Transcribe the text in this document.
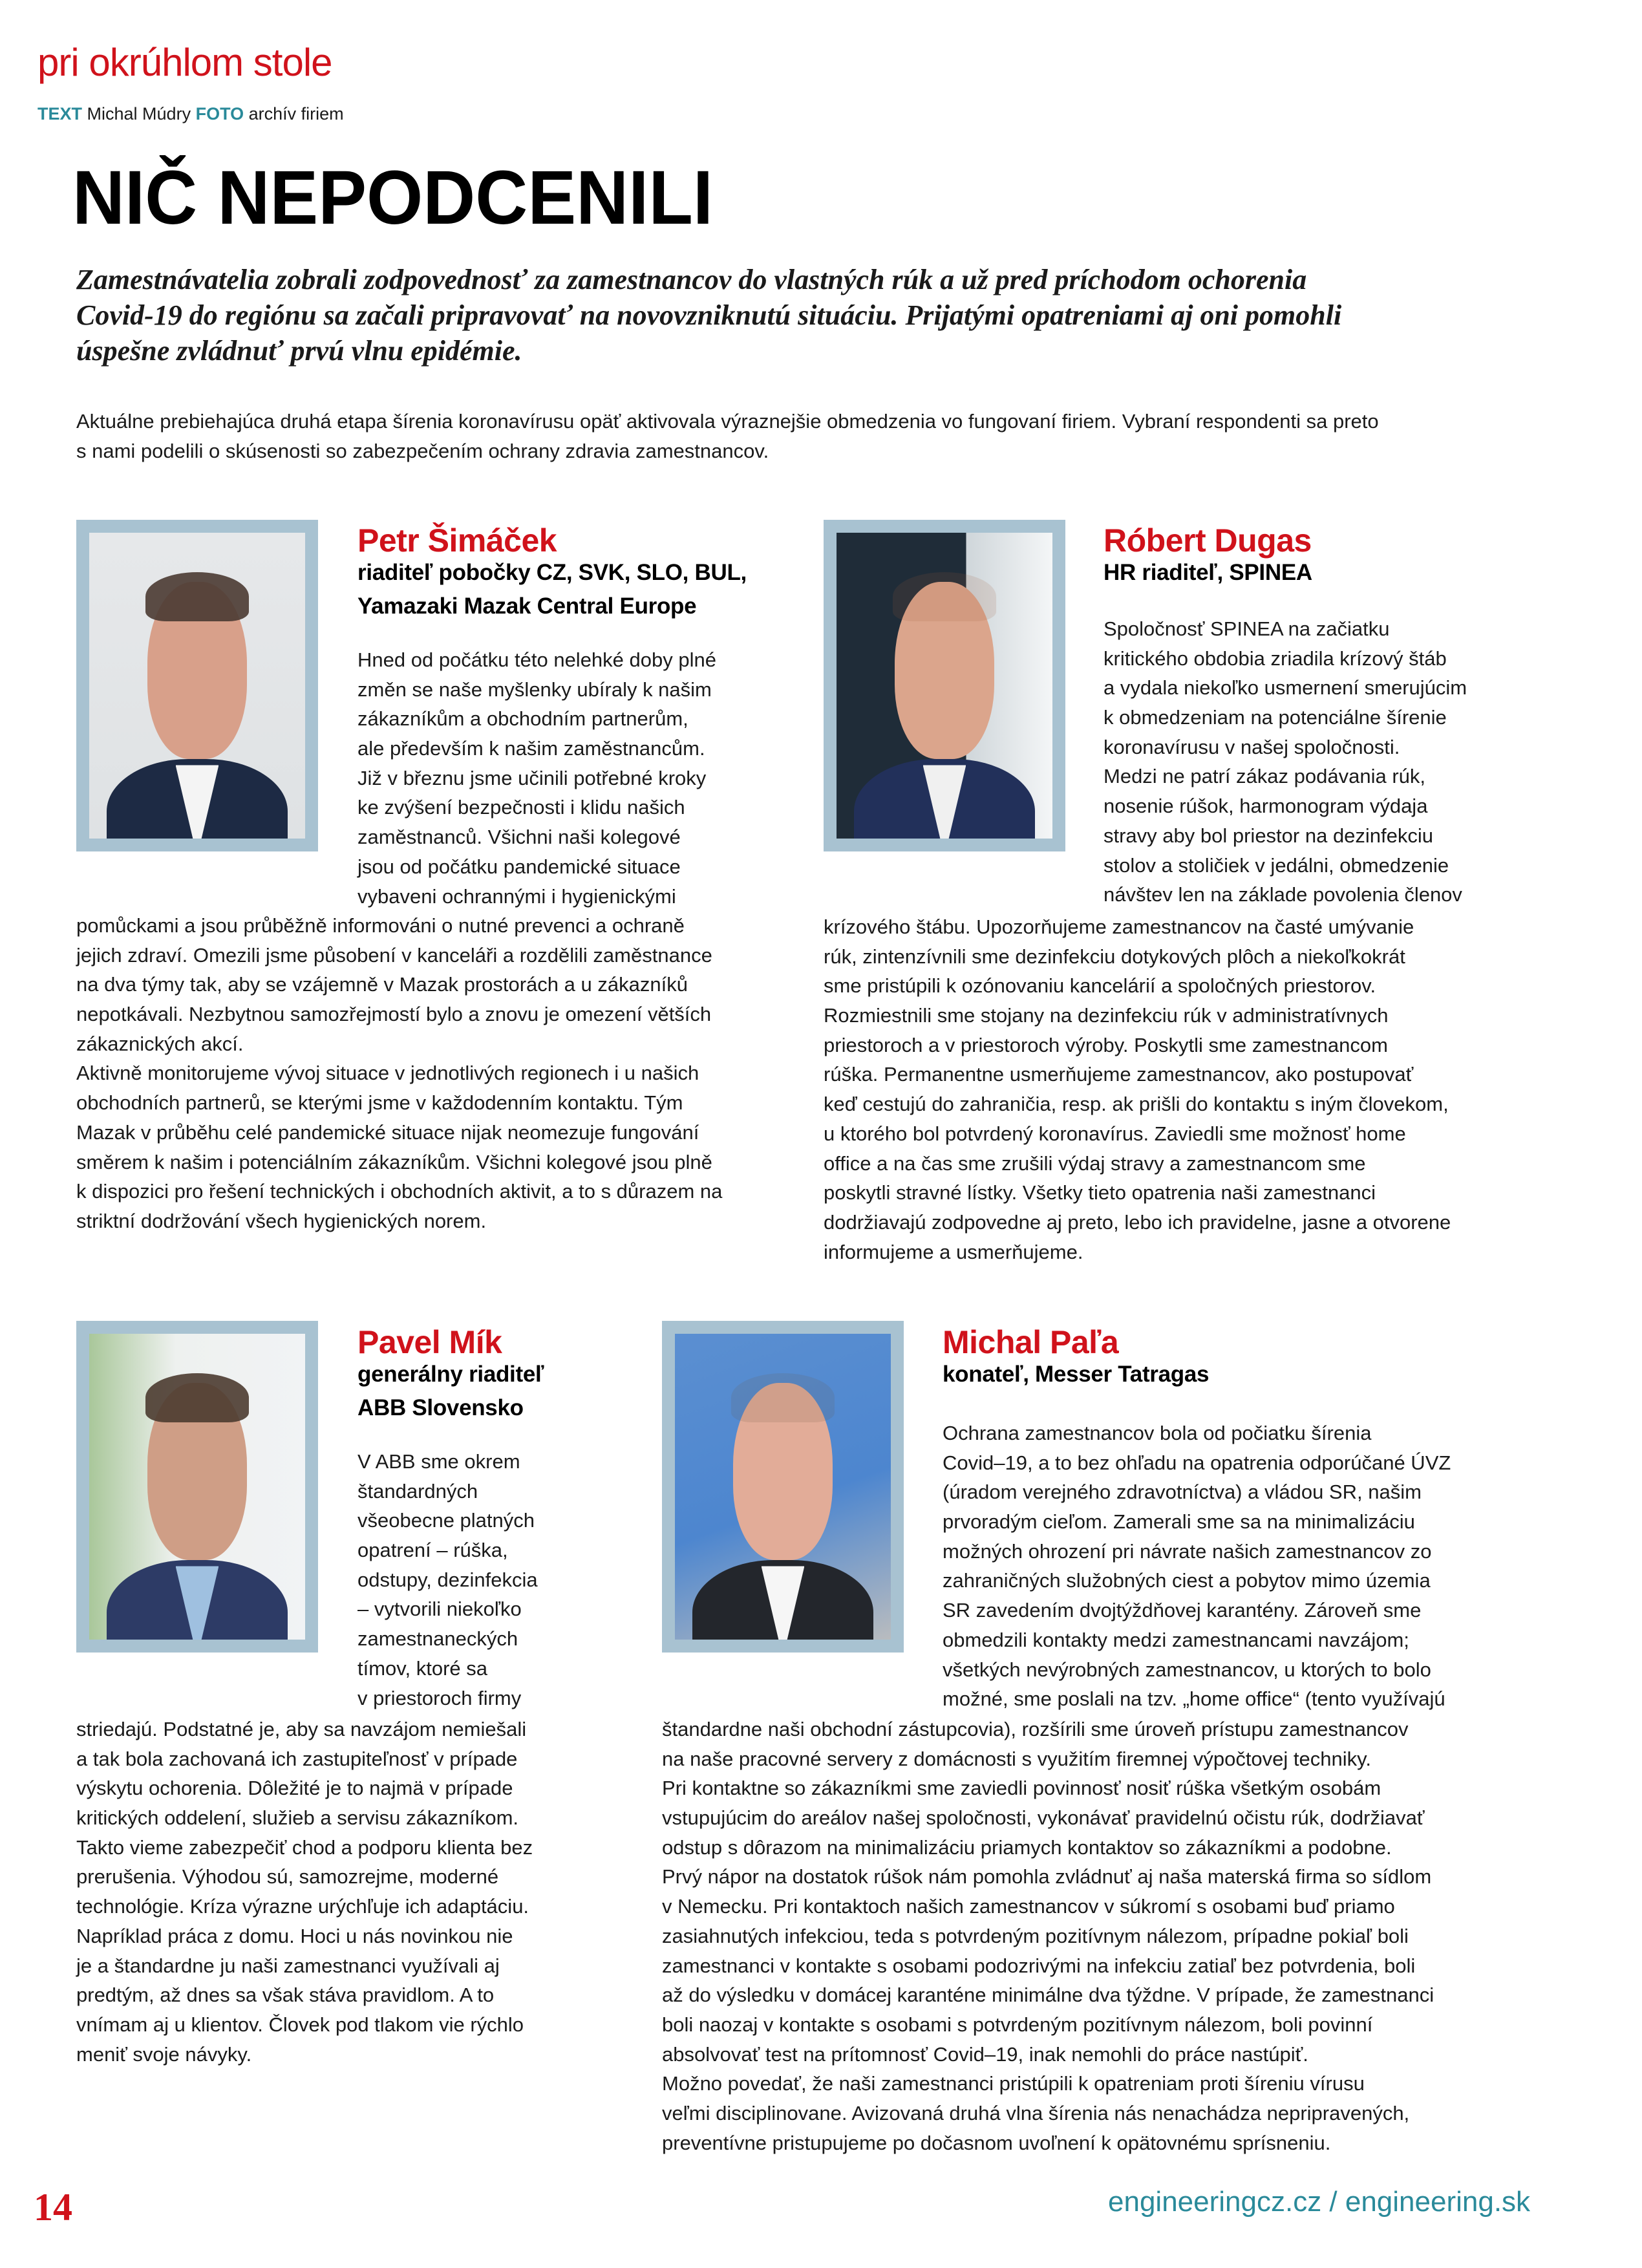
pri okrúhlom stole
TEXT Michal Múdry FOTO archív firiem
NIČ NEPODCENILI
Zamestnávatelia zobrali zodpovednosť za zamestnancov do vlastných rúk a už pred príchodom ochorenia
Covid-19 do regiónu sa začali pripravovať na novovzniknutú situáciu. Prijatými opatreniami aj oni pomohli
úspešne zvládnuť prvú vlnu epidémie.
Aktuálne prebiehajúca druhá etapa šírenia koronavírusu opäť aktivovala výraznejšie obmedzenia vo fungovaní firiem. Vybraní respondenti sa preto
s nami podelili o skúsenosti so zabezpečením ochrany zdravia zamestnancov.
Petr Šimáček
riaditeľ pobočky CZ, SVK, SLO, BUL,
Yamazaki Mazak Central Europe
Hned od počátku této nelehké doby plné
změn se naše myšlenky ubíraly k našim
zákazníkům a obchodním partnerům,
ale především k našim zaměstnancům.
Již v březnu jsme učinili potřebné kroky
ke zvýšení bezpečnosti i klidu našich
zaměstnanců. Všichni naši kolegové
jsou od počátku pandemické situace
vybaveni ochrannými i hygienickými
pomůckami a jsou průběžně informováni o nutné prevenci a ochraně
jejich zdraví. Omezili jsme působení v kanceláři a rozdělili zaměstnance
na dva týmy tak, aby se vzájemně v Mazak prostorách a u zákazníků
nepotkávali. Nezbytnou samozřejmostí bylo a znovu je omezení větších
zákaznických akcí.
Aktivně monitorujeme vývoj situace v jednotlivých regionech i u našich
obchodních partnerů, se kterými jsme v každodenním kontaktu. Tým
Mazak v průběhu celé pandemické situace nijak neomezuje fungování
směrem k našim i potenciálním zákazníkům. Všichni kolegové jsou plně
k dispozici pro řešení technických i obchodních aktivit, a to s důrazem na
striktní dodržování všech hygienických norem.
Róbert Dugas
HR riaditeľ, SPINEA
Spoločnosť SPINEA na začiatku
kritického obdobia zriadila krízový štáb
a vydala niekoľko usmernení smerujúcim
k obmedzeniam na potenciálne šírenie
koronavírusu v našej spoločnosti.
Medzi ne patrí zákaz podávania rúk,
nosenie rúšok, harmonogram výdaja
stravy aby bol priestor na dezinfekciu
stolov a stoličiek v jedálni, obmedzenie
návštev len na základe povolenia členov
krízového štábu. Upozorňujeme zamestnancov na časté umývanie
rúk, zintenzívnili sme dezinfekciu dotykových plôch a niekoľkokrát
sme pristúpili k ozónovaniu kancelárií a spoločných priestorov.
Rozmiestnili sme stojany na dezinfekciu rúk v administratívnych
priestoroch a v priestoroch výroby. Poskytli sme zamestnancom
rúška. Permanentne usmerňujeme zamestnancov, ako postupovať
keď cestujú do zahraničia, resp. ak prišli do kontaktu s iným človekom,
u ktorého bol potvrdený koronavírus. Zaviedli sme možnosť home
office a na čas sme zrušili výdaj stravy a zamestnancom sme
poskytli stravné lístky. Všetky tieto opatrenia naši zamestnanci
dodržiavajú zodpovedne aj preto, lebo ich pravidelne, jasne a otvorene
informujeme a usmerňujeme.
Pavel Mík
generálny riaditeľ
ABB Slovensko
V ABB sme okrem
štandardných
všeobecne platných
opatrení – rúška,
odstupy, dezinfekcia
– vytvorili niekoľko
zamestnaneckých
tímov, ktoré sa
v priestoroch firmy
striedajú. Podstatné je, aby sa navzájom nemiešali
a tak bola zachovaná ich zastupiteľnosť v prípade
výskytu ochorenia. Dôležité je to najmä v prípade
kritických oddelení, služieb a servisu zákazníkom.
Takto vieme zabezpečiť chod a podporu klienta bez
prerušenia. Výhodou sú, samozrejme, moderné
technológie. Kríza výrazne urýchľuje ich adaptáciu.
Napríklad práca z domu. Hoci u nás novinkou nie
je a štandardne ju naši zamestnanci využívali aj
predtým, až dnes sa však stáva pravidlom. A to
vnímam aj u klientov. Človek pod tlakom vie rýchlo
meniť svoje návyky.
Michal Paľa
konateľ, Messer Tatragas
Ochrana zamestnancov bola od počiatku šírenia
Covid–19, a to bez ohľadu na opatrenia odporúčané ÚVZ
(úradom verejného zdravotníctva) a vládou SR, našim
prvoradým cieľom. Zamerali sme sa na minimalizáciu
možných ohrození pri návrate našich zamestnancov zo
zahraničných služobných ciest a pobytov mimo územia
SR zavedením dvojtýždňovej karantény. Zároveň sme
obmedzili kontakty medzi zamestnancami navzájom;
všetkých nevýrobných zamestnancov, u ktorých to bolo
možné, sme poslali na tzv. „home office“ (tento využívajú
štandardne naši obchodní zástupcovia), rozšírili sme úroveň prístupu zamestnancov
na naše pracovné servery z domácnosti s využitím firemnej výpočtovej techniky.
Pri kontaktne so zákazníkmi sme zaviedli povinnosť nosiť rúška všetkým osobám
vstupujúcim do areálov našej spoločnosti, vykonávať pravidelnú očistu rúk, dodržiavať
odstup s dôrazom na minimalizáciu priamych kontaktov so zákazníkmi a podobne.
Prvý nápor na dostatok rúšok nám pomohla zvládnuť aj naša materská firma so sídlom
v Nemecku. Pri kontaktoch našich zamestnancov v súkromí s osobami buď priamo
zasiahnutých infekciou, teda s potvrdeným pozitívnym nálezom, prípadne pokiaľ boli
zamestnanci v kontakte s osobami podozrivými na infekciu zatiaľ bez potvrdenia, boli
až do výsledku v domácej karanténe minimálne dva týždne. V prípade, že zamestnanci
boli naozaj v kontakte s osobami s potvrdeným pozitívnym nálezom, boli povinní
absolvovať test na prítomnosť Covid–19, inak nemohli do práce nastúpiť.
Možno povedať, že naši zamestnanci pristúpili k opatreniam proti šíreniu vírusu
veľmi disciplinovane. Avizovaná druhá vlna šírenia nás nenachádza nepripravených,
preventívne pristupujeme po dočasnom uvoľnení k opätovnému sprísneniu.
14	engineeringcz.cz / engineering.sk
